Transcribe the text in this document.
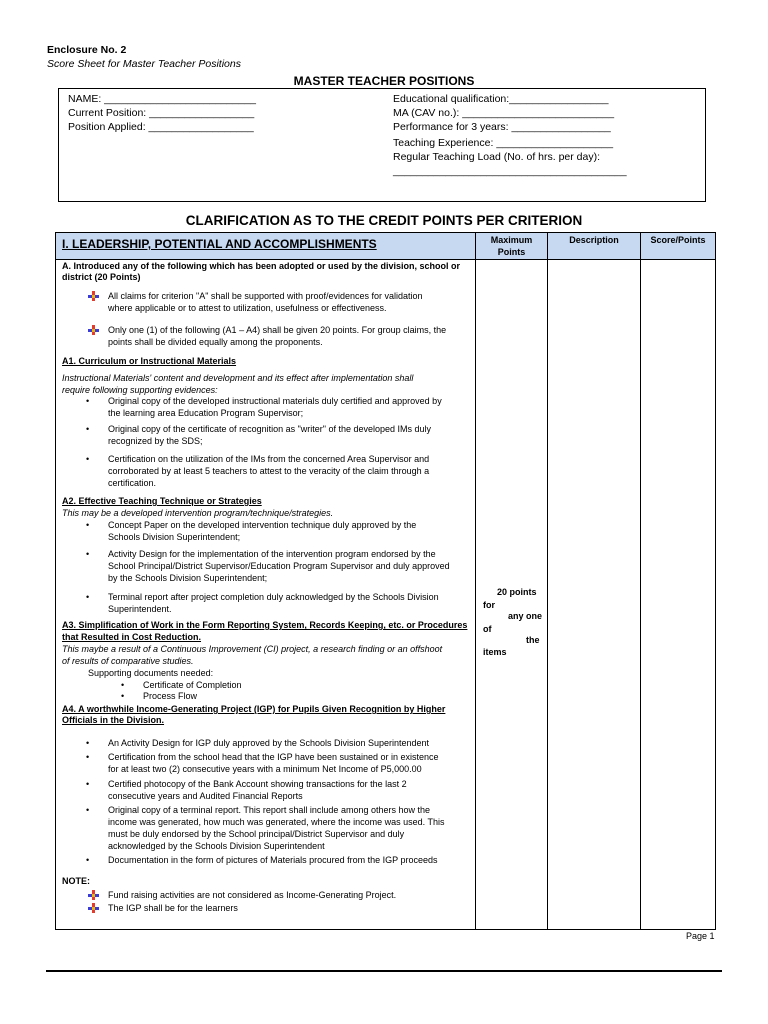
Enclosure No. 2
Score Sheet for Master Teacher Positions
MASTER TEACHER POSITIONS
NAME: __________________________
Current Position: __________________
Position Applied: __________________
Educational qualification:_________________
MA (CAV no.): __________________________
Performance for 3 years: _________________
Teaching Experience: ____________________
Regular Teaching Load (No. of hrs. per day):
________________________________________
CLARIFICATION AS TO THE CREDIT POINTS PER CRITERION
I. LEADERSHIP, POTENTIAL AND ACCOMPLISHMENTS	Maximum
Points
Description	Score/Points
20 points
for
any one
of
the
items
A. Introduced any of the following which has been adopted or used by the division, school or
district (20 Points)
All claims for criterion "A" shall be supported with proof/evidences for validation
where applicable or to attest to utilization, usefulness or effectiveness.
Only one (1) of the following (A1 – A4) shall be given 20 points. For group claims, the
points shall be divided equally among the proponents.
A1. Curriculum or Instructional Materials
Instructional Materials' content and development and its effect after implementation shall
require following supporting evidences:
• Original copy of the developed instructional materials duly certified and approved by
the learning area Education Program Supervisor;
• Original copy of the certificate of recognition as "writer" of the developed IMs duly
recognized by the SDS;
• Certification on the utilization of the IMs from the concerned Area Supervisor and
corroborated by at least 5 teachers to attest to the veracity of the claim through a
certification.
A2. Effective Teaching Technique or Strategies
This may be a developed intervention program/technique/strategies.
• Concept Paper on the developed intervention technique duly approved by the
Schools Division Superintendent;
• Activity Design for the implementation of the intervention program endorsed by the
School Principal/District Supervisor/Education Program Supervisor and duly approved
by the Schools Division Superintendent;
• Terminal report after project completion duly acknowledged by the Schools Division
Superintendent.
A3. Simplification of Work in the Form Reporting System, Records Keeping, etc. or Procedures
that Resulted in Cost Reduction.
This maybe a result of a Continuous Improvement (CI) project, a research finding or an offshoot
of results of comparative studies.
Supporting documents needed:
• Certificate of Completion
• Process Flow
A4. A worthwhile Income-Generating Project (IGP) for Pupils Given Recognition by Higher
Officials in the Division.
• An Activity Design for IGP duly approved by the Schools Division Superintendent
• Certification from the school head that the IGP have been sustained or in existence
for at least two (2) consecutive years with a minimum Net Income of P5,000.00
• Certified photocopy of the Bank Account showing transactions for the last 2
consecutive years and Audited Financial Reports
• Original copy of a terminal report. This report shall include among others how the
income was generated, how much was generated, where the income was used. This
must be duly endorsed by the School principal/District Supervisor and duly
acknowledged by the Schools Division Superintendent
• Documentation in the form of pictures of Materials procured from the IGP proceeds
NOTE:
Fund raising activities are not considered as Income-Generating Project.
The IGP shall be for the learners
Page 1
